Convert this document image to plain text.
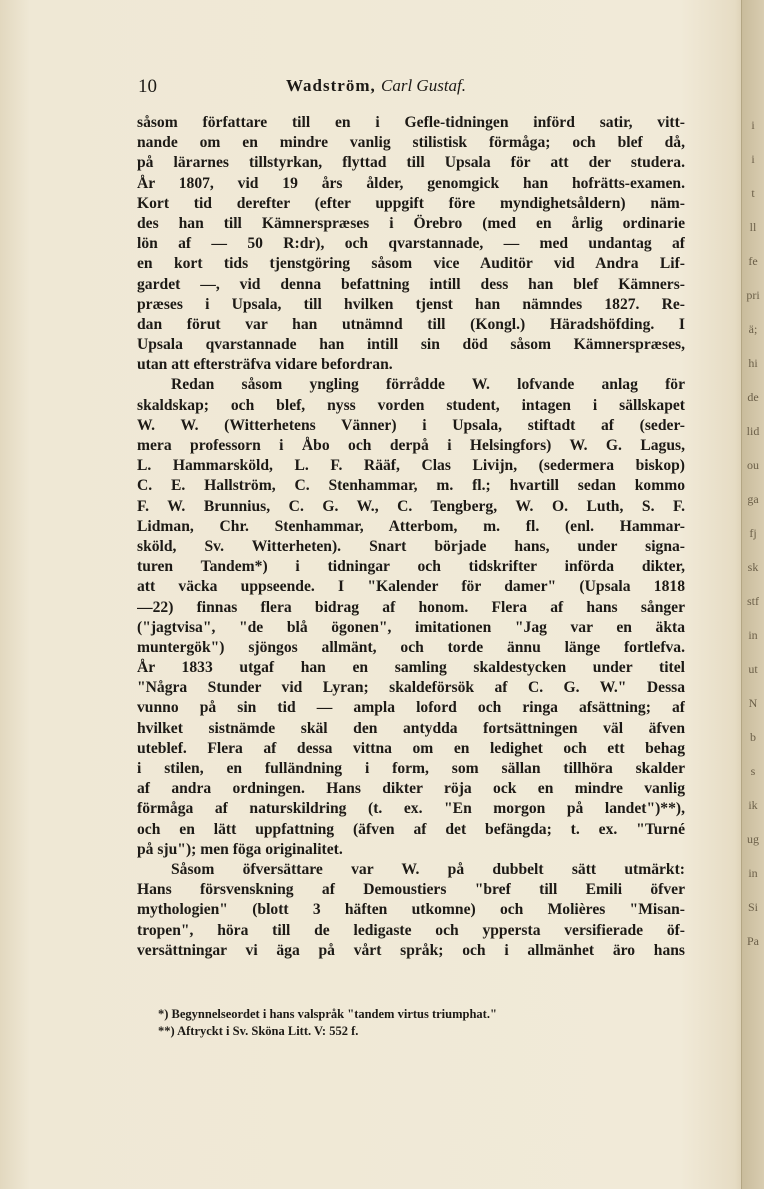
10	Wadström, Carl Gustaf.
såsom författare till en i Gefle-tidningen införd satir, vitt-
nande om en mindre vanlig stilistisk förmåga; och blef då,
på lärarnes tillstyrkan, flyttad till Upsala för att der studera.
År 1807, vid 19 års ålder, genomgick han hofrätts-examen.
Kort tid derefter (efter uppgift före myndighetsåldern) näm-
des han till Kämnerspræses i Örebro (med en årlig ordinarie
lön af — 50 R:dr), och qvarstannade, — med undantag af
en kort tids tjenstgöring såsom vice Auditör vid Andra Lif-
gardet —, vid denna befattning intill dess han blef Kämners-
præses i Upsala, till hvilken tjenst han nämndes 1827. Re-
dan förut var han utnämnd till (Kongl.) Häradshöfding. I
Upsala qvarstannade han intill sin död såsom Kämnerspræses,
utan att eftersträfva vidare befordran.
Redan såsom yngling förrådde W. lofvande anlag för
skaldskap; och blef, nyss vorden student, intagen i sällskapet
W. W. (Witterhetens Vänner) i Upsala, stiftadt af (seder-
mera professorn i Åbo och derpå i Helsingfors) W. G. Lagus,
L. Hammarsköld, L. F. Rääf, Clas Livijn, (sedermera biskop)
C. E. Hallström, C. Stenhammar, m. fl.; hvartill sedan kommo
F. W. Brunnius, C. G. W., C. Tengberg, W. O. Luth, S. F.
Lidman, Chr. Stenhammar, Atterbom, m. fl. (enl. Hammar-
sköld, Sv. Witterheten). Snart började hans, under signa-
turen Tandem*) i tidningar och tidskrifter införda dikter,
att väcka uppseende. I "Kalender för damer" (Upsala 1818
—22) finnas flera bidrag af honom. Flera af hans sånger
("jagtvisa", "de blå ögonen", imitationen "Jag var en äkta
muntergök") sjöngos allmänt, och torde ännu länge fortlefva.
År 1833 utgaf han en samling skaldestycken under titel
"Några Stunder vid Lyran; skaldeförsök af C. G. W." Dessa
vunno på sin tid — ampla loford och ringa afsättning; af
hvilket sistnämde skäl den antydda fortsättningen väl äfven
uteblef. Flera af dessa vittna om en ledighet och ett behag
i stilen, en fulländning i form, som sällan tillhöra skalder
af andra ordningen. Hans dikter röja ock en mindre vanlig
förmåga af naturskildring (t. ex. "En morgon på landet")**),
och en lätt uppfattning (äfven af det befängda; t. ex. "Turné
på sju"); men föga originalitet.
Såsom öfversättare var W. på dubbelt sätt utmärkt:
Hans försvenskning af Demoustiers "bref till Emili öfver
mythologien" (blott 3 häften utkomne) och Molières "Misan-
tropen", höra till de ledigaste och yppersta versifierade öf-
versättningar vi äga på vårt språk; och i allmänhet äro hans
*) Begynnelseordet i hans valspråk "tandem virtus triumphat."
**) Aftryckt i Sv. Sköna Litt. V: 552 f.
i
i
t
ll
fe
pri
ä;
hi
de
lid
ou
ga
fj
sk
stf
in
ut
N
b
s
ik
ug
in
Si
Pa
